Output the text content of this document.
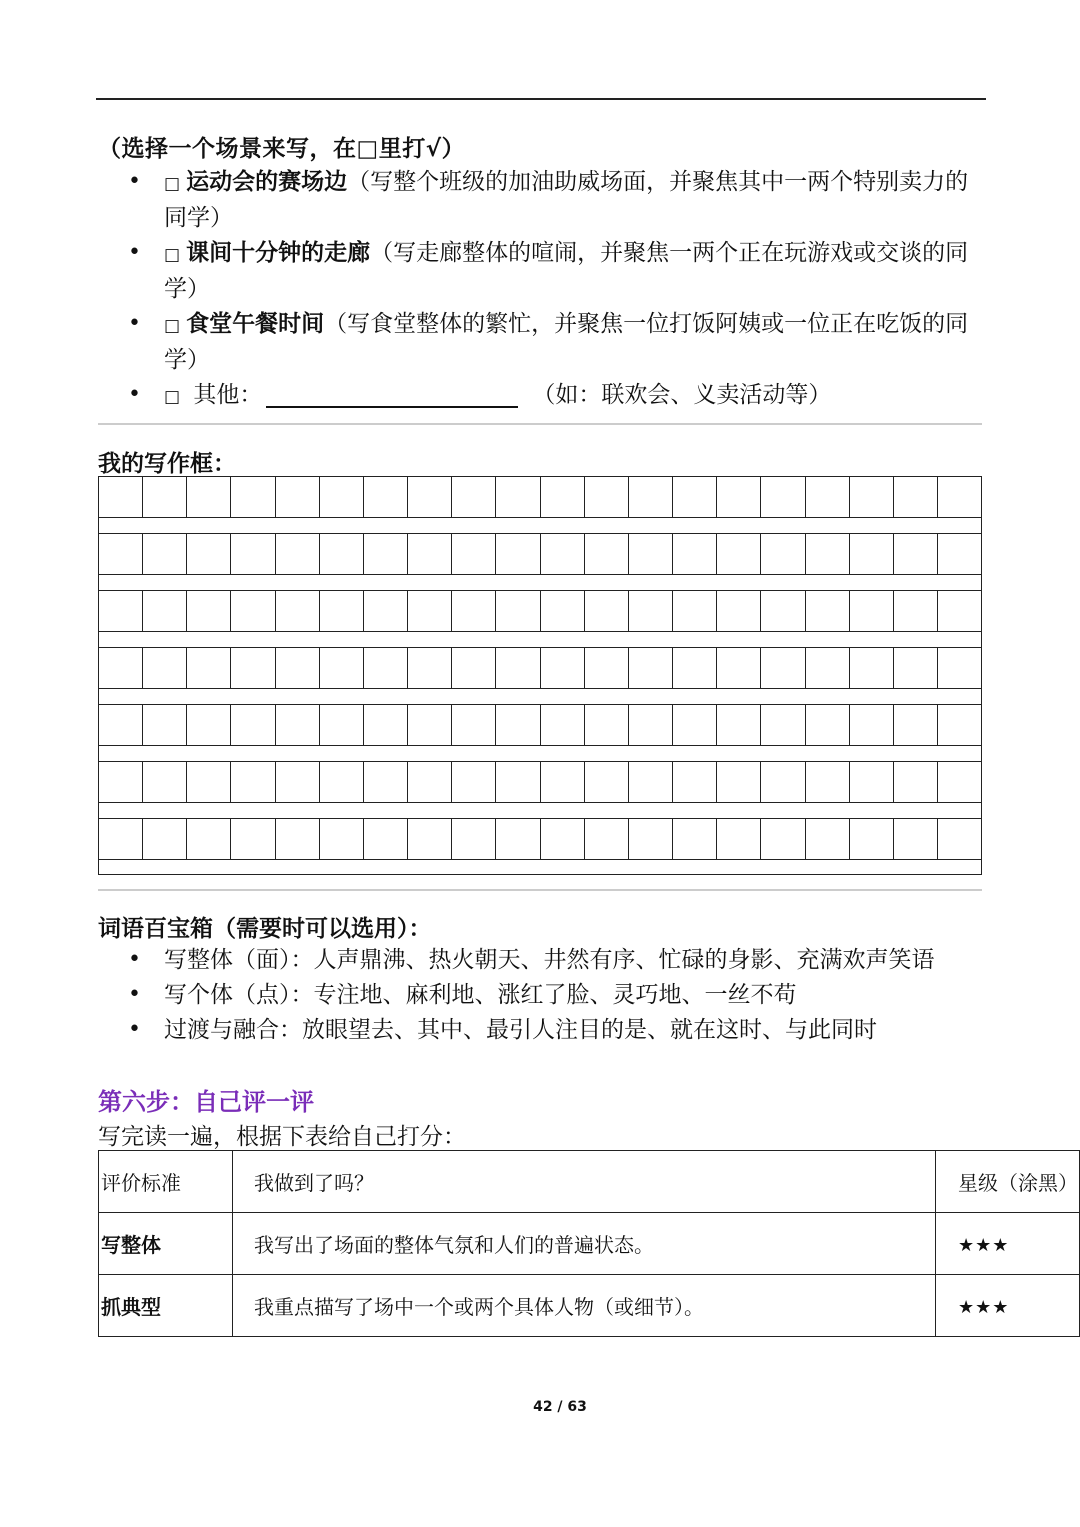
（选择一个场景来写，在□里打√）
• □ 运动会的赛场边（写整个班级的加油助威场面，并聚焦其中一两个特别卖力的同学）
• □ 课间十分钟的走廊（写走廊整体的喧闹，并聚焦一两个正在玩游戏或交谈的同学）
• □ 食堂午餐时间（写食堂整体的繁忙，并聚焦一位打饭阿姨或一位正在吃饭的同学）
• □ 其他：	（如：联欢会、义卖活动等）
我的写作框：
词语百宝箱（需要时可以选用）：
• 写整体（面）：人声鼎沸、热火朝天、井然有序、忙碌的身影、充满欢声笑语
• 写个体（点）：专注地、麻利地、涨红了脸、灵巧地、一丝不苟
• 过渡与融合：放眼望去、其中、最引人注目的是、就在这时、与此同时
第六步：自己评一评
写完读一遍，根据下表给自己打分：
评价标准	我做到了吗？	星级（涂黑）
写整体	我写出了场面的整体气氛和人们的普遍状态。	★★★
抓典型	我重点描写了场中一个或两个具体人物（或细节）。	★★★
42 / 63
